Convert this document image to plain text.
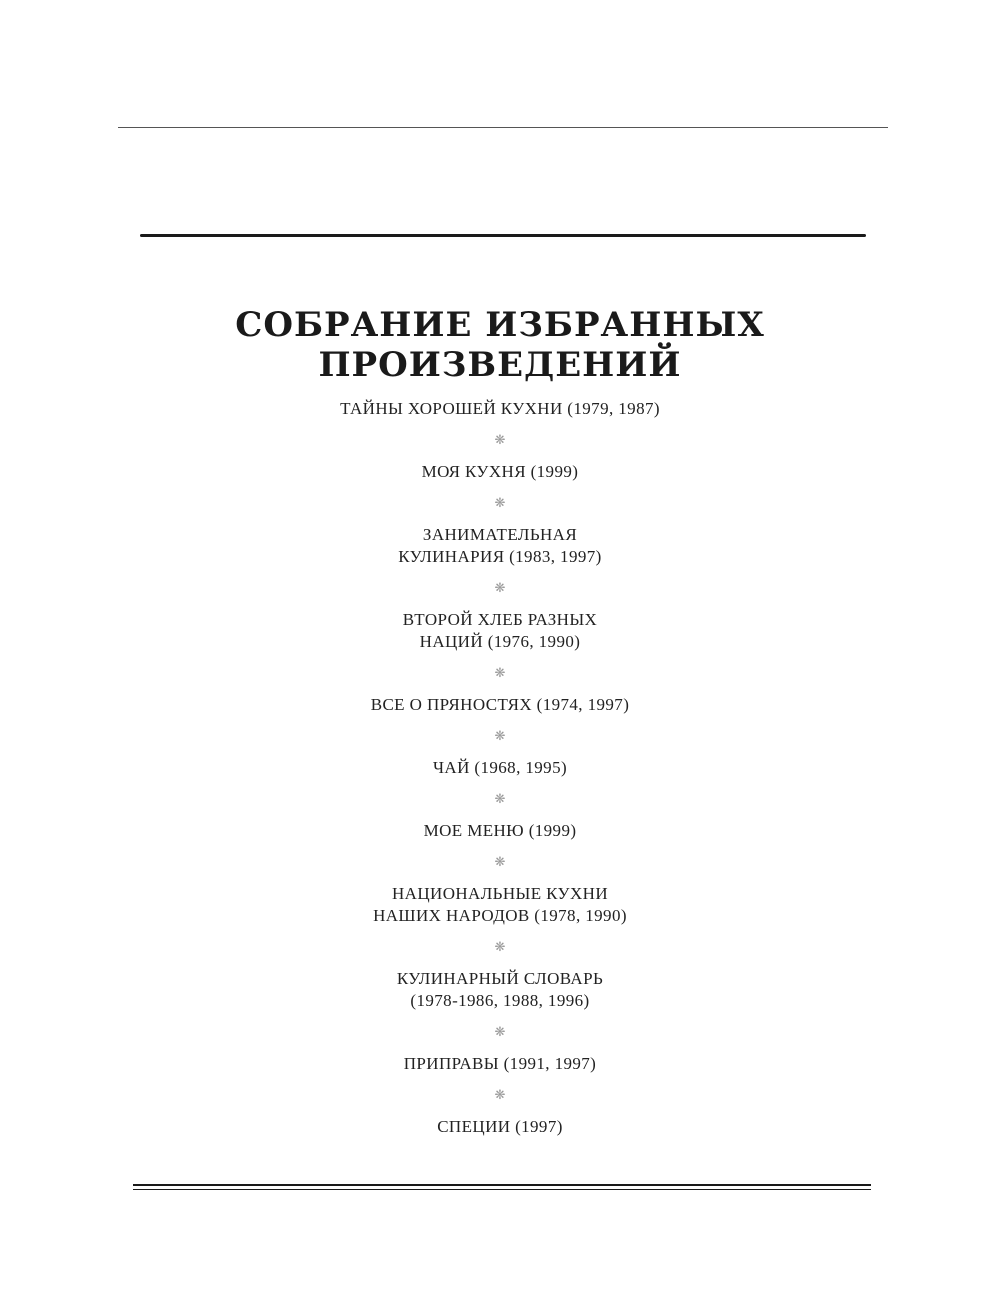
СОБРАНИЕ ИЗБРАННЫХ
ПРОИЗВЕДЕНИЙ
ТАЙНЫ ХОРОШЕЙ КУХНИ (1979, 1987)
❋
МОЯ КУХНЯ (1999)
❋
ЗАНИМАТЕЛЬНАЯ
КУЛИНАРИЯ (1983, 1997)
❋
ВТОРОЙ ХЛЕБ РАЗНЫХ
НАЦИЙ (1976, 1990)
❋
ВСЕ О ПРЯНОСТЯХ (1974, 1997)
❋
ЧАЙ (1968, 1995)
❋
МОЕ МЕНЮ (1999)
❋
НАЦИОНАЛЬНЫЕ КУХНИ
НАШИХ НАРОДОВ (1978, 1990)
❋
КУЛИНАРНЫЙ СЛОВАРЬ
(1978-1986, 1988, 1996)
❋
ПРИПРАВЫ (1991, 1997)
❋
СПЕЦИИ (1997)
